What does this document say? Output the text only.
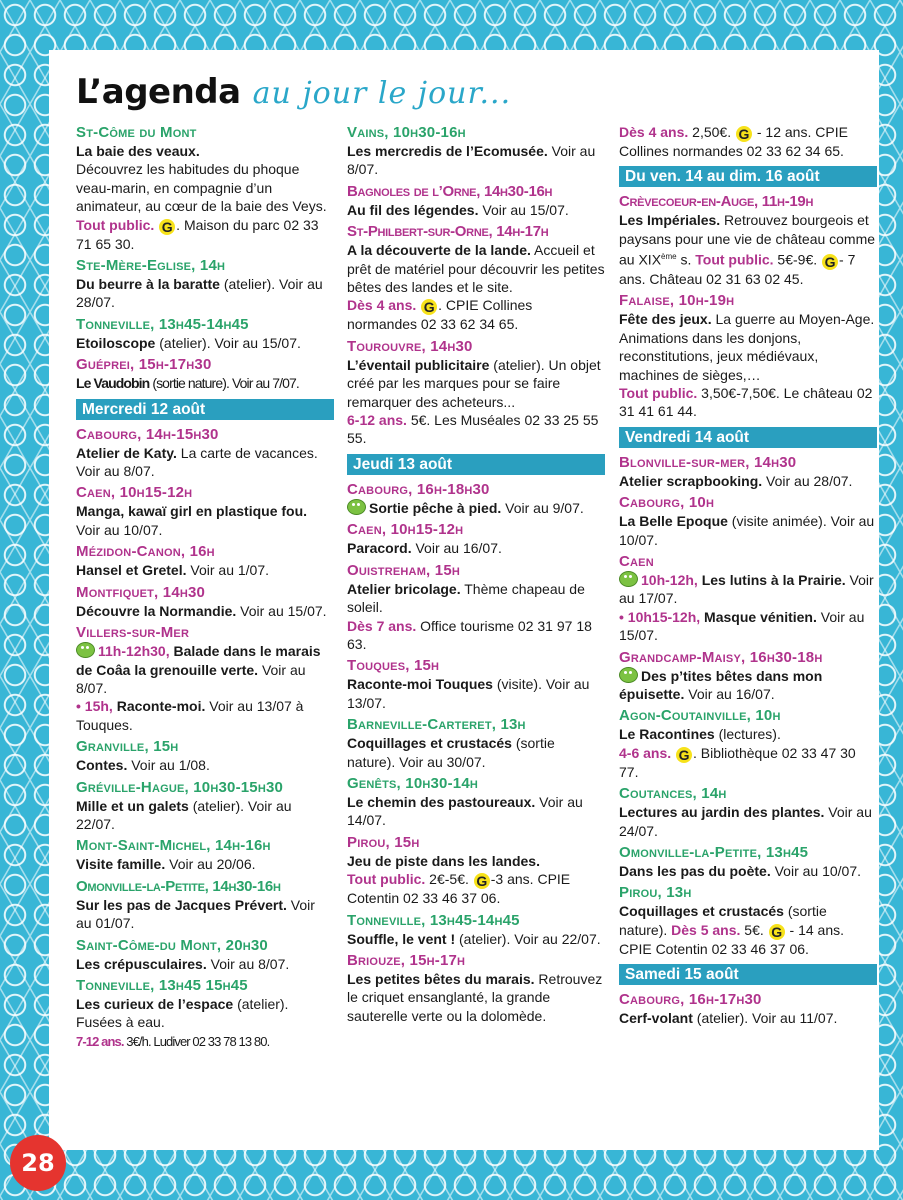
L’agenda au jour le jour...
St-Côme du Mont
La baie des veaux.
Découvrez les habitudes du phoque veau-marin, en compagnie d’un animateur, au cœur de la baie des Veys.
Tout public. G . Maison du parc 02 33 71 65 30.
Ste-Mère-Eglise, 14h
Du beurre à la baratte (atelier). Voir au 28/07.
Tonneville, 13h45-14h45
Etoiloscope (atelier). Voir au 15/07.
Guéprei, 15h-17h30
Le Vaudobin (sortie nature). Voir au 7/07.
Mercredi 12 août
Cabourg, 14h-15h30
Atelier de Katy. La carte de vacances. Voir au 8/07.
Caen, 10h15-12h
Manga, kawaï girl en plastique fou. Voir au 10/07.
Mézidon-Canon, 16h
Hansel et Gretel. Voir au 1/07.
Montfiquet, 14h30
Découvre la Normandie. Voir au 15/07.
Villers-sur-Mer
11h-12h30, Balade dans le marais de Coâa la grenouille verte. Voir au 8/07.
• 15h, Raconte-moi. Voir au 13/07 à Touques.
Granville, 15h
Contes. Voir au 1/08.
Gréville-Hague, 10h30-15h30
Mille et un galets (atelier). Voir au 22/07.
Mont-Saint-Michel, 14h-16h
Visite famille. Voir au 20/06.
Omonville-la-Petite, 14h30-16h
Sur les pas de Jacques Prévert. Voir au 01/07.
Saint-Côme-du Mont, 20h30
Les crépusculaires. Voir au 8/07.
Tonneville, 13h45 15h45
Les curieux de l’espace (atelier). Fusées à eau.
7-12 ans. 3€/h. Ludiver 02 33 78 13 80.
Vains, 10h30-16h
Les mercredis de l’Ecomusée. Voir au 8/07.
Bagnoles de l’Orne, 14h30-16h
Au fil des légendes. Voir au 15/07.
St-Philbert-sur-Orne, 14h-17h
A la découverte de la lande. Accueil et prêt de matériel pour découvrir les petites bêtes des landes et le site.
Dès 4 ans. G . CPIE Collines normandes 02 33 62 34 65.
Tourouvre, 14h30
L’éventail publicitaire (atelier). Un objet créé par les marques pour se faire remarquer des acheteurs...
6-12 ans. 5€. Les Muséales 02 33 25 55 55.
Jeudi 13 août
Cabourg, 16h-18h30
Sortie pêche à pied. Voir au 9/07.
Caen, 10h15-12h
Paracord. Voir au 16/07.
Ouistreham, 15h
Atelier bricolage. Thème chapeau de soleil.
Dès 7 ans. Office tourisme 02 31 97 18 63.
Touques, 15h
Raconte-moi Touques (visite). Voir au 13/07.
Barneville-Carteret, 13h
Coquillages et crustacés (sortie nature). Voir au 30/07.
Genêts, 10h30-14h
Le chemin des pastoureaux. Voir au 14/07.
Pirou, 15h
Jeu de piste dans les landes.
Tout public. 2€-5€. G -3 ans. CPIE Cotentin 02 33 46 37 06.
Tonneville, 13h45-14h45
Souffle, le vent ! (atelier). Voir au 22/07.
Briouze, 15h-17h
Les petites bêtes du marais. Retrouvez le criquet ensanglanté, la grande sauterelle verte ou la dolomède.
Dès 4 ans. 2,50€. G - 12 ans. CPIE Collines normandes 02 33 62 34 65.
Du ven. 14 au dim. 16 août
Crèvecoeur-en-Auge, 11h-19h
Les Impériales. Retrouvez bourgeois et paysans pour une vie de château comme au XIXème s. Tout public. 5€-9€. G - 7 ans. Château 02 31 63 02 45.
Falaise, 10h-19h
Fête des jeux. La guerre au Moyen-Age. Animations dans les donjons, reconstitutions, jeux médiévaux, machines de sièges,…
Tout public. 3,50€-7,50€. Le château 02 31 41 61 44.
Vendredi 14 août
Blonville-sur-mer, 14h30
Atelier scrapbooking. Voir au 28/07.
Cabourg, 10h
La Belle Epoque (visite animée). Voir au 10/07.
Caen
10h-12h, Les lutins à la Prairie. Voir au 17/07.
• 10h15-12h, Masque vénitien. Voir au 15/07.
Grandcamp-Maisy, 16h30-18h
Des p’tites bêtes dans mon épuisette. Voir au 16/07.
Agon-Coutainville, 10h
Le Racontines (lectures).
4-6 ans. G . Bibliothèque 02 33 47 30 77.
Coutances, 14h
Lectures au jardin des plantes. Voir au 24/07.
Omonville-la-Petite, 13h45
Dans les pas du poète. Voir au 10/07.
Pirou, 13h
Coquillages et crustacés (sortie nature). Dès 5 ans. 5€. G - 14 ans. CPIE Cotentin 02 33 46 37 06.
Samedi 15 août
Cabourg, 16h-17h30
Cerf-volant (atelier). Voir au 11/07.
28
